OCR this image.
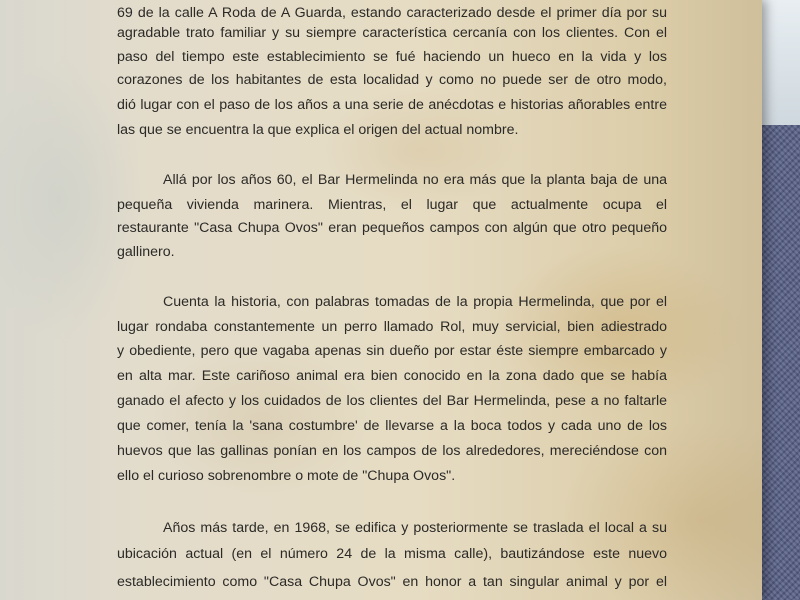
69 de la calle A Roda de A Guarda, estando caracterizado desde el primer día por su
agradable trato familiar y su siempre característica cercanía con los clientes. Con el
paso del tiempo este establecimiento se fué haciendo un hueco en la vida y los
corazones de los habitantes de esta localidad y como no puede ser de otro modo,
dió lugar con el paso de los años a una serie de anécdotas e historias añorables entre
las que se encuentra la que explica el origen del actual nombre.
Allá por los años 60, el Bar Hermelinda no era más que la planta baja de una
pequeña vivienda marinera. Mientras, el lugar que actualmente ocupa el
restaurante "Casa Chupa Ovos" eran pequeños campos con algún que otro pequeño
gallinero.
Cuenta la historia, con palabras tomadas de la propia Hermelinda, que por el
lugar rondaba constantemente un perro llamado Rol, muy servicial, bien adiestrado
y obediente, pero que vagaba apenas sin dueño por estar éste siempre embarcado y
en alta mar. Este cariñoso animal era bien conocido en la zona dado que se había
ganado el afecto y los cuidados de los clientes del Bar Hermelinda, pese a no faltarle
que comer, tenía la 'sana costumbre' de llevarse a la boca todos y cada uno de los
huevos que las gallinas ponían en los campos de los alrededores, mereciéndose con
ello el curioso sobrenombre o mote de "Chupa Ovos".
Años más tarde, en 1968, se edifica y posteriormente se traslada el local a su
ubicación actual (en el número 24 de la misma calle), bautizándose este nuevo
establecimiento como "Casa Chupa Ovos" en honor a tan singular animal y por el
